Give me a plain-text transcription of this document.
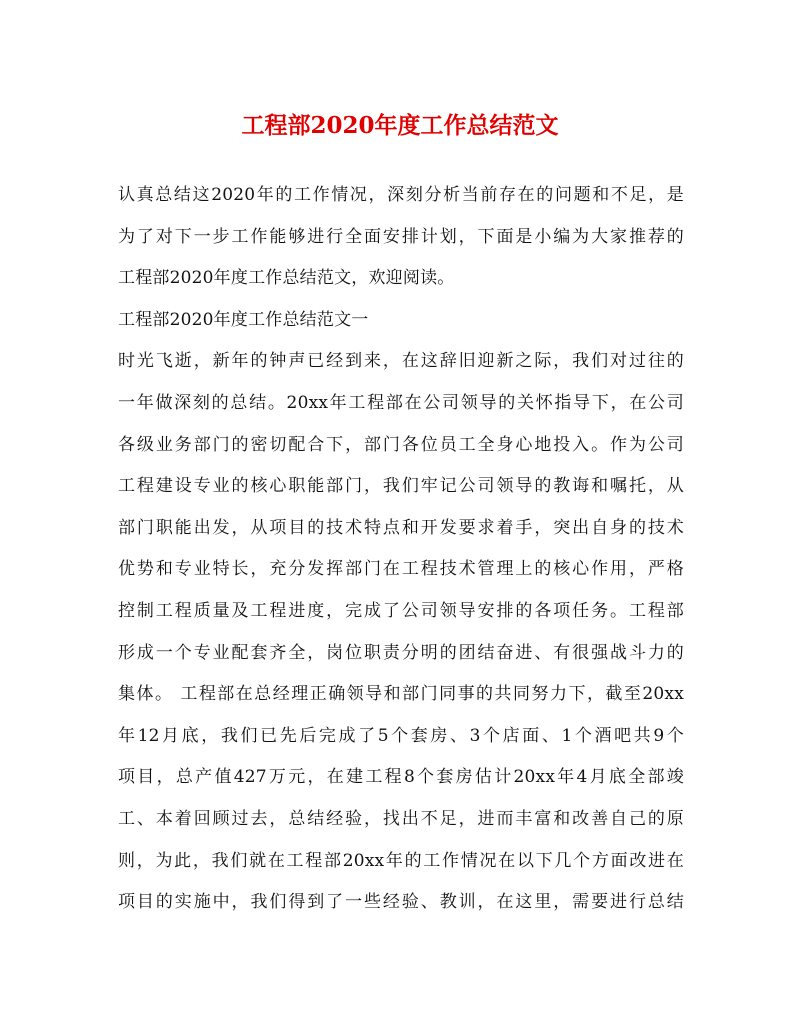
工程部2020年度工作总结范文
认真总结这2020年的工作情况，深刻分析当前存在的问题和不足，是
为了对下一步工作能够进行全面安排计划，下面是小编为大家推荐的
工程部2020年度工作总结范文，欢迎阅读。
工程部2020年度工作总结范文一
时光飞逝，新年的钟声已经到来，在这辞旧迎新之际，我们对过往的
一年做深刻的总结。20xx年工程部在公司领导的关怀指导下，在公司
各级业务部门的密切配合下，部门各位员工全身心地投入。作为公司
工程建设专业的核心职能部门，我们牢记公司领导的教诲和嘱托，从
部门职能出发，从项目的技术特点和开发要求着手，突出自身的技术
优势和专业特长，充分发挥部门在工程技术管理上的核心作用，严格
控制工程质量及工程进度，完成了公司领导安排的各项任务。工程部
形成一个专业配套齐全，岗位职责分明的团结奋进、有很强战斗力的
集体。 工程部在总经理正确领导和部门同事的共同努力下，截至20xx
年12月底，我们已先后完成了5个套房、3个店面、1个酒吧共9个
项目，总产值427万元，在建工程8个套房估计20xx年4月底全部竣
工、本着回顾过去，总结经验，找出不足，进而丰富和改善自己的原
则，为此，我们就在工程部20xx年的工作情况在以下几个方面改进在
项目的实施中，我们得到了一些经验、教训，在这里，需要进行总结
